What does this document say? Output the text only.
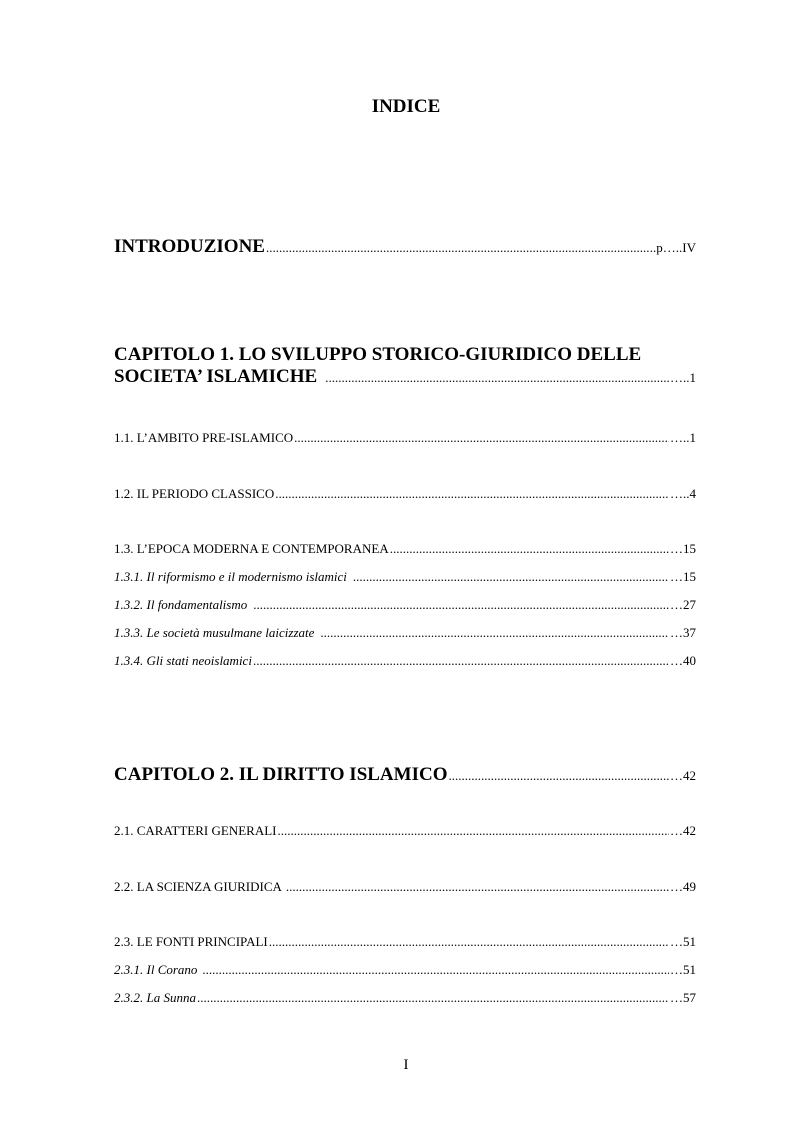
INDICE
INTRODUZIONE .....	..p…..IV
CAPITOLO 1. LO SVILUPPO STORICO-GIURIDICO DELLE
SOCIETA’ ISLAMICHE .....	…..1
1.1. L’AMBITO PRE-ISLAMICO .....	…..1
1.2. IL PERIODO CLASSICO .....	…..4
1.3. L’EPOCA MODERNA E CONTEMPORANEA .....	…15
1.3.1. Il riformismo e il modernismo islamici .....	…15
1.3.2. Il fondamentalismo .....	…27
1.3.3. Le società musulmane laicizzate .....	…37
1.3.4. Gli stati neoislamici .....	…40
CAPITOLO 2. IL DIRITTO ISLAMICO .....	…42
2.1. CARATTERI GENERALI .....	…42
2.2. LA SCIENZA GIURIDICA .....	…49
2.3. LE FONTI PRINCIPALI .....	…51
2.3.1. Il Corano .....	…51
2.3.2. La Sunna .....	…57
I
